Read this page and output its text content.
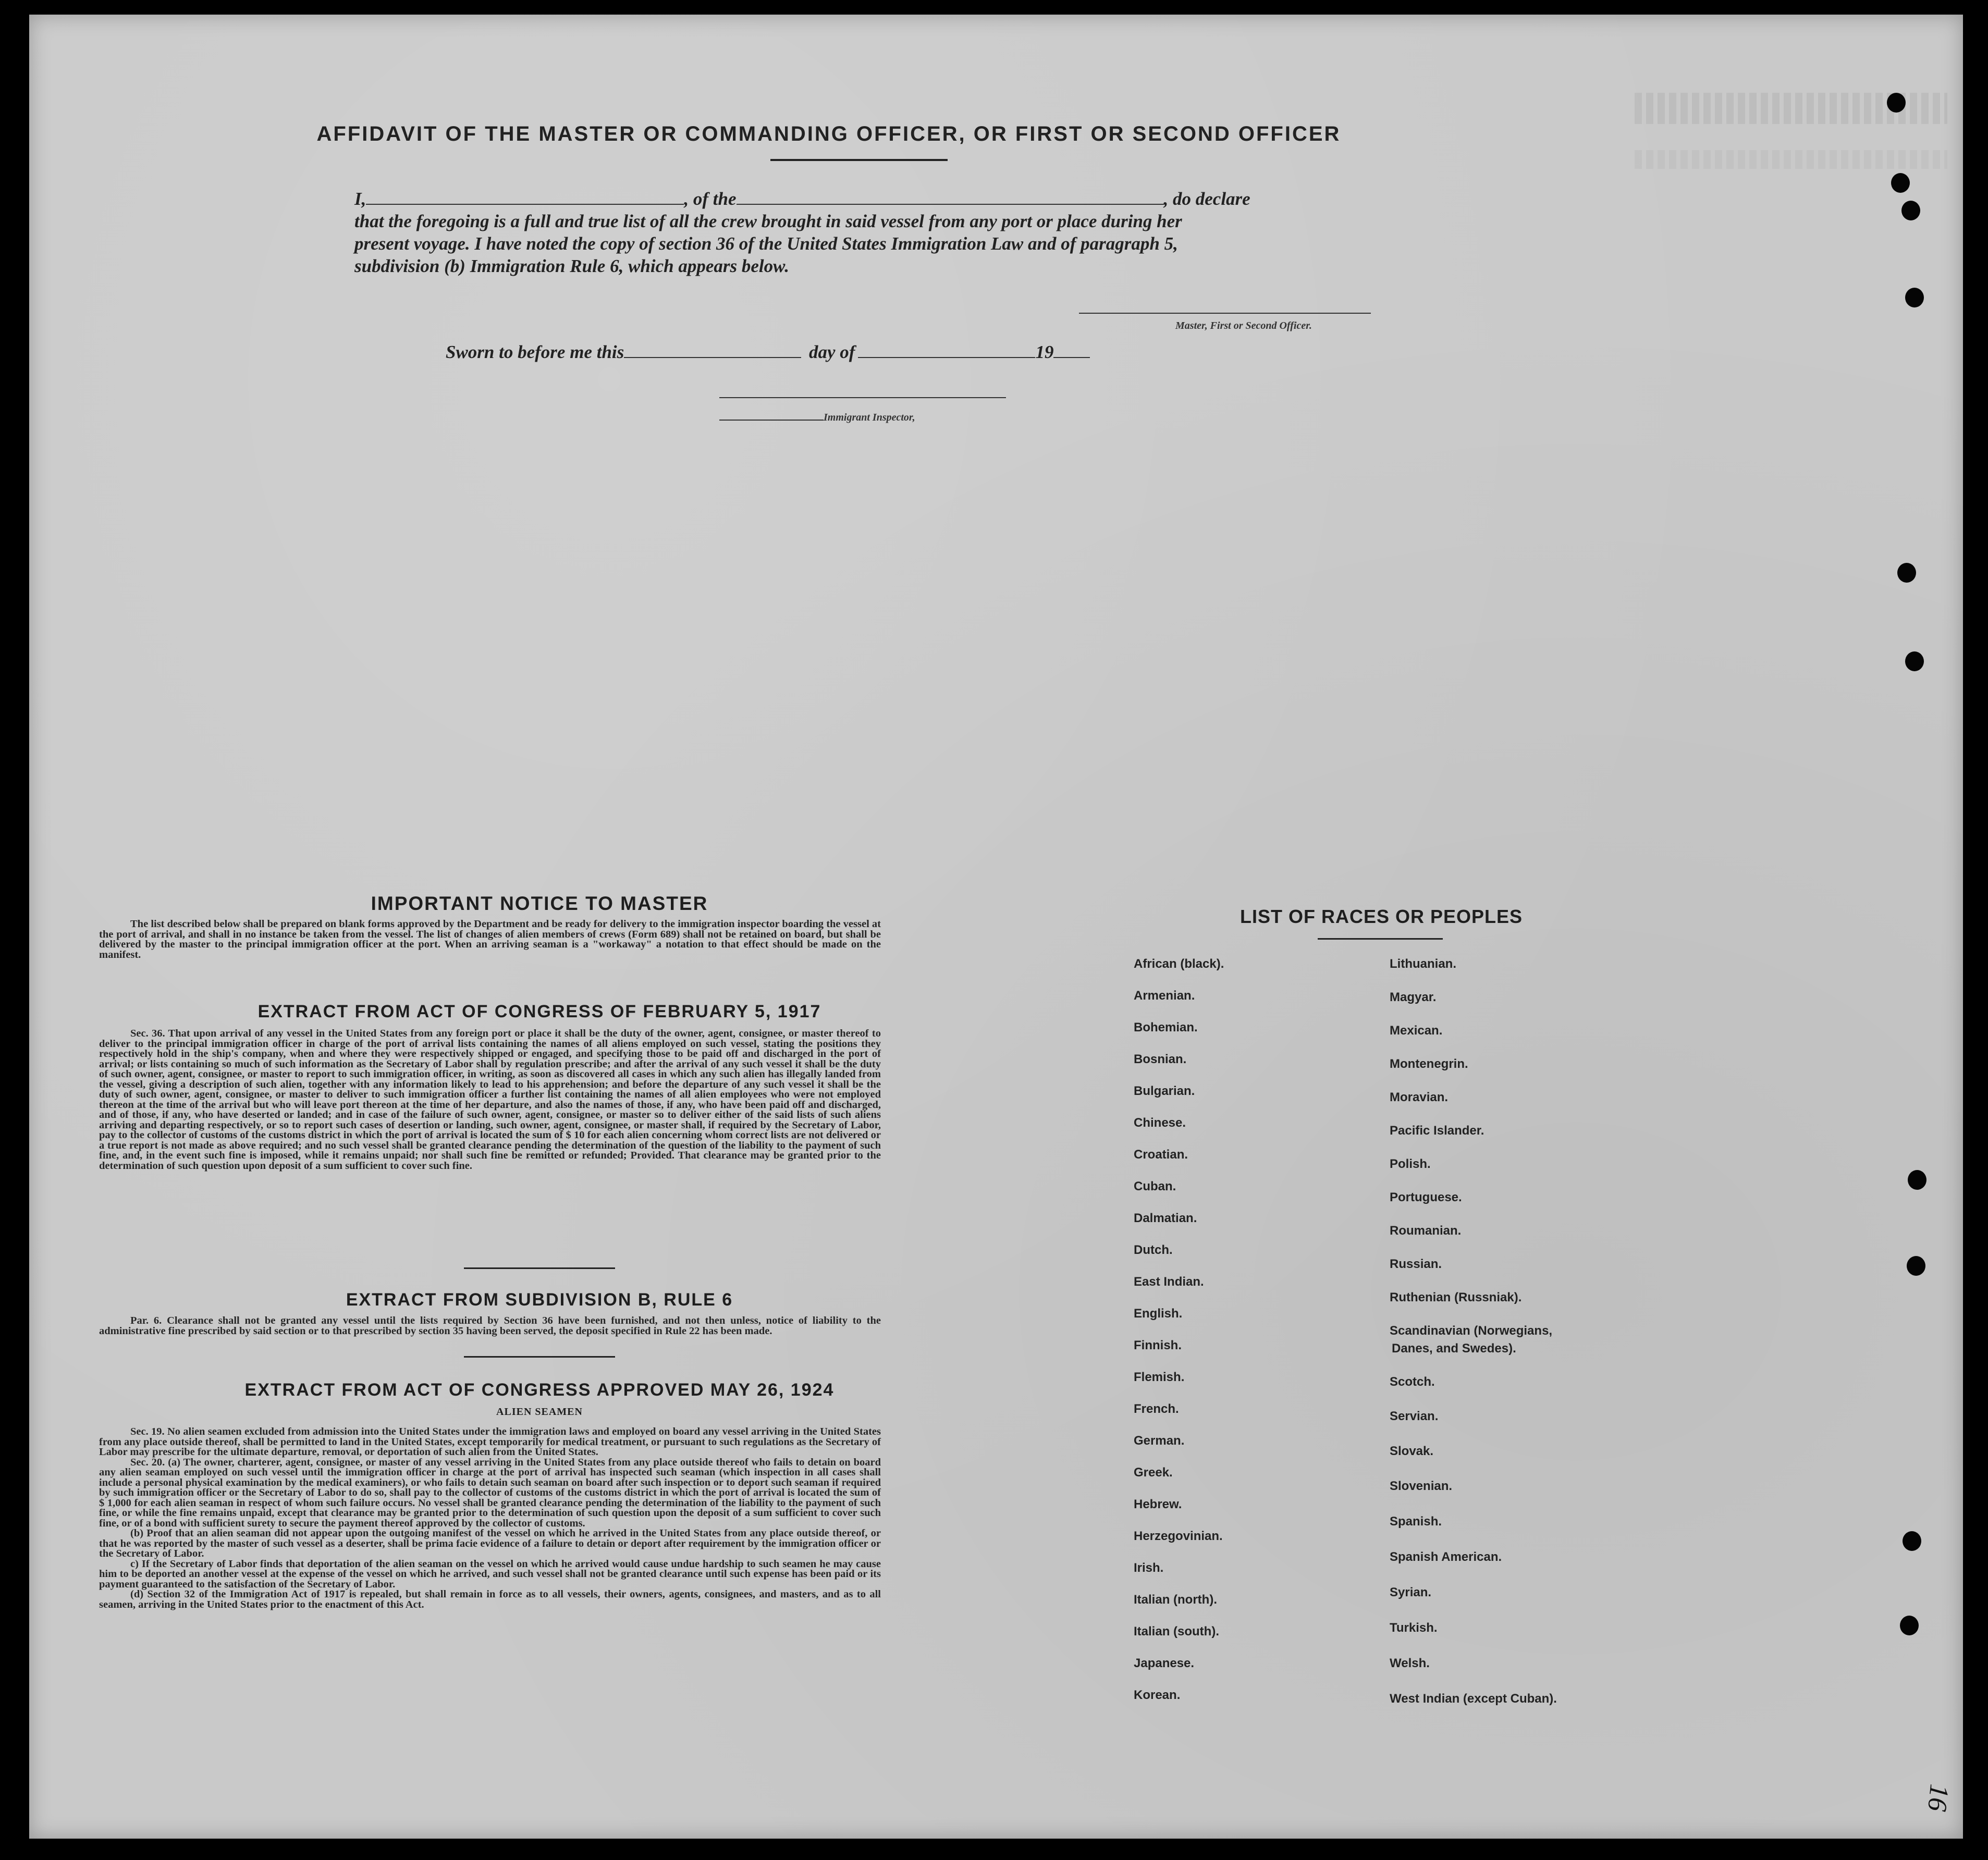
AFFIDAVIT OF THE MASTER OR COMMANDING OFFICER, OR FIRST OR SECOND OFFICER
I,	, of the	, do declare
that the foregoing is a full and true list of all the crew brought in said vessel from any port or place during her
present voyage. I have noted the copy of section 36 of the United States Immigration Law and of paragraph 5,
subdivision (b) Immigration Rule 6, which appears below.
Master, First or Second Officer.
Sworn to before me this	day of	19
Immigrant Inspector,
IMPORTANT NOTICE TO MASTER

The list described below shall be prepared on blank forms approved by the Department and be ready for delivery to the immigration inspector boarding the vessel at the port of arrival, and shall in no instance be taken from the vessel. The list of changes of alien members of crews (Form 689) shall not be retained on board, but shall be delivered by the master to the principal immigration officer at the port. When an arriving seaman is a "workaway" a notation to that effect should be made on the manifest.

EXTRACT FROM ACT OF CONGRESS OF FEBRUARY 5, 1917

Sec. 36. That upon arrival of any vessel in the United States from any foreign port or place it shall be the duty of the owner, agent, consignee, or master thereof to deliver to the principal immigration officer in charge of the port of arrival lists containing the names of all aliens employed on such vessel, stating the positions they respectively hold in the ship's company, when and where they were respectively shipped or engaged, and specifying those to be paid off and discharged in the port of arrival; or lists containing so much of such information as the Secretary of Labor shall by regulation prescribe; and after the arrival of any such vessel it shall be the duty of such owner, agent, consignee, or master to report to such immigration officer, in writing, as soon as discovered all cases in which any such alien has illegally landed from the vessel, giving a description of such alien, together with any information likely to lead to his apprehension; and before the departure of any such vessel it shall be the duty of such owner, agent, consignee, or master to deliver to such immigration officer a further list containing the names of all alien employees who were not employed thereon at the time of the arrival but who will leave port thereon at the time of her departure, and also the names of those, if any, who have been paid off and discharged, and of those, if any, who have deserted or landed; and in case of the failure of such owner, agent, consignee, or master so to deliver either of the said lists of such aliens arriving and departing respectively, or so to report such cases of desertion or landing, such owner, agent, consignee, or master shall, if required by the Secretary of Labor, pay to the collector of customs of the customs district in which the port of arrival is located the sum of $ 10 for each alien concerning whom correct lists are not delivered or a true report is not made as above required; and no such vessel shall be granted clearance pending the determination of the question of the liability to the payment of such fine, and, in the event such fine is imposed, while it remains unpaid; nor shall such fine be remitted or refunded; Provided. That clearance may be granted prior to the determination of such question upon deposit of a sum sufficient to cover such fine.

EXTRACT FROM SUBDIVISION B, RULE 6

Par. 6. Clearance shall not be granted any vessel until the lists required by Section 36 have been furnished, and not then unless, notice of liability to the administrative fine prescribed by said section or to that prescribed by section 35 having been served, the deposit specified in Rule 22 has been made.

EXTRACT FROM ACT OF CONGRESS APPROVED MAY 26, 1924
ALIEN SEAMEN

Sec. 19. No alien seamen excluded from admission into the United States under the immigration laws and employed on board any vessel arriving in the United States from any place outside thereof, shall be permitted to land in the United States, except temporarily for medical treatment, or pursuant to such regulations as the Secretary of Labor may prescribe for the ultimate departure, removal, or deportation of such alien from the United States.

Sec. 20. (a) The owner, charterer, agent, consignee, or master of any vessel arriving in the United States from any place outside thereof who fails to detain on board any alien seaman employed on such vessel until the immigration officer in charge at the port of arrival has inspected such seaman (which inspection in all cases shall include a personal physical examination by the medical examiners), or who fails to detain such seaman on board after such inspection or to deport such seaman if required by such immigration officer or the Secretary of Labor to do so, shall pay to the collector of customs of the customs district in which the port of arrival is located the sum of $ 1,000 for each alien seaman in respect of whom such failure occurs. No vessel shall be granted clearance pending the determination of the liability to the payment of such fine, or while the fine remains unpaid, except that clearance may be granted prior to the determination of such question upon the deposit of a sum sufficient to cover such fine, or of a bond with sufficient surety to secure the payment thereof approved by the collector of customs.

(b) Proof that an alien seaman did not appear upon the outgoing manifest of the vessel on which he arrived in the United States from any place outside thereof, or that he was reported by the master of such vessel as a deserter, shall be prima facie evidence of a failure to detain or deport after requirement by the immigration officer or the Secretary of Labor.

c) If the Secretary of Labor finds that deportation of the alien seaman on the vessel on which he arrived would cause undue hardship to such seamen he may cause him to be deported an another vessel at the expense of the vessel on which he arrived, and such vessel shall not be granted clearance until such expense has been paid or its payment guaranteed to the satisfaction of the Secretary of Labor.

(d) Section 32 of the Immigration Act of 1917 is repealed, but shall remain in force as to all vessels, their owners, agents, consignees, and masters, and as to all seamen, arriving in the United States prior to the enactment of this Act.

LIST OF RACES OR PEOPLES
African (black).
Armenian.
Bohemian.
Bosnian.
Bulgarian.
Chinese.
Croatian.
Cuban.
Dalmatian.
Dutch.
East Indian.
English.
Finnish.
Flemish.
French.
German.
Greek.
Hebrew.
Herzegovinian.
Irish.
Italian (north).
Italian (south).
Japanese.
Korean.
Lithuanian.
Magyar.
Mexican.
Montenegrin.
Moravian.
Pacific Islander.
Polish.
Portuguese.
Roumanian.
Russian.
Ruthenian (Russniak).
Scandinavian (Norwegians,
Danes, and Swedes).
Scotch.
Servian.
Slovak.
Slovenian.
Spanish.
Spanish American.
Syrian.
Turkish.
Welsh.
West Indian (except Cuban).
16
